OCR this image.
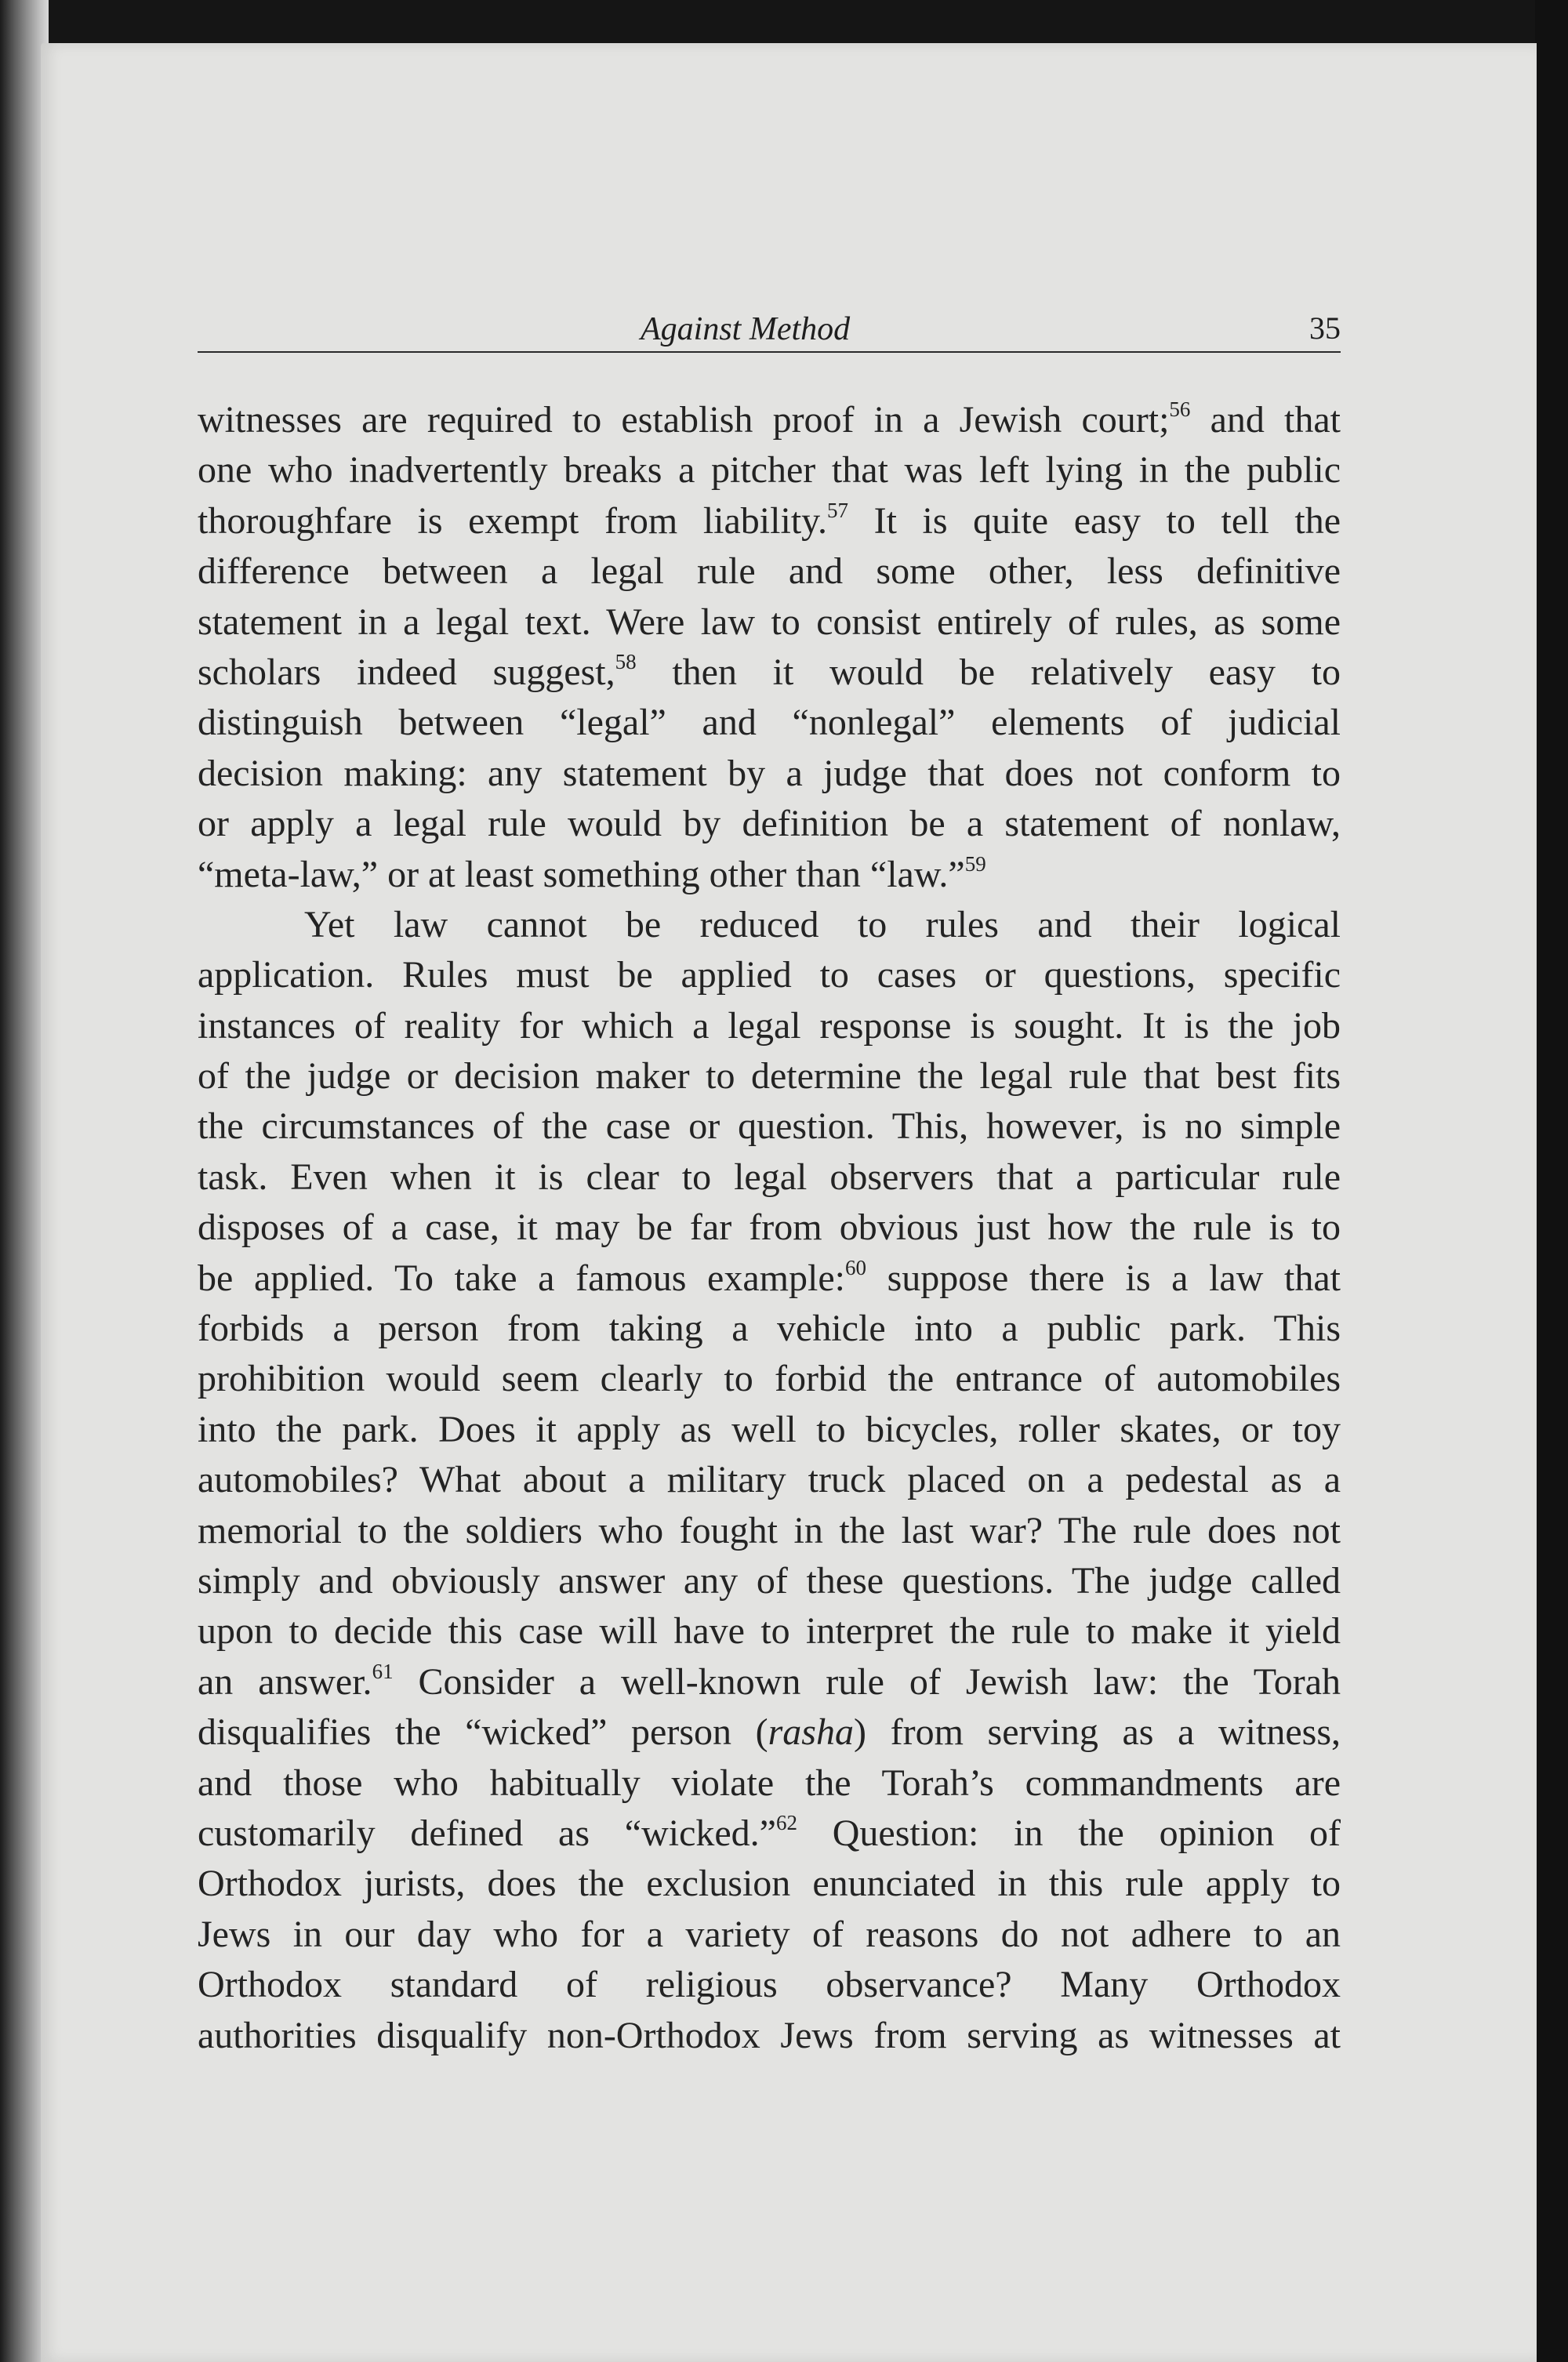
Against Method	35
witnesses are required to establish proof in a Jewish court;$^{56}$ and that
one who inadvertently breaks a pitcher that was left lying in the public
thoroughfare is exempt from liability.$^{57}$ It is quite easy to tell the
difference between a legal rule and some other, less definitive
statement in a legal text. Were law to consist entirely of rules, as some
scholars indeed suggest,$^{58}$ then it would be relatively easy to
distinguish between “legal” and “nonlegal” elements of judicial
decision making: any statement by a judge that does not conform to
or apply a legal rule would by definition be a statement of nonlaw,
“meta-law,” or at least something other than “law.”$^{59}$
Yet law cannot be reduced to rules and their logical
application. Rules must be applied to cases or questions, specific
instances of reality for which a legal response is sought. It is the job
of the judge or decision maker to determine the legal rule that best fits
the circumstances of the case or question. This, however, is no simple
task. Even when it is clear to legal observers that a particular rule
disposes of a case, it may be far from obvious just how the rule is to
be applied. To take a famous example:$^{60}$ suppose there is a law that
forbids a person from taking a vehicle into a public park. This
prohibition would seem clearly to forbid the entrance of automobiles
into the park. Does it apply as well to bicycles, roller skates, or toy
automobiles? What about a military truck placed on a pedestal as a
memorial to the soldiers who fought in the last war? The rule does not
simply and obviously answer any of these questions. The judge called
upon to decide this case will have to interpret the rule to make it yield
an answer.$^{61}$ Consider a well-known rule of Jewish law: the Torah
disqualifies the “wicked” person (rasha) from serving as a witness,
and those who habitually violate the Torah’s commandments are
customarily defined as “wicked.”$^{62}$ Question: in the opinion of
Orthodox jurists, does the exclusion enunciated in this rule apply to
Jews in our day who for a variety of reasons do not adhere to an
Orthodox standard of religious observance? Many Orthodox
authorities disqualify non-Orthodox Jews from serving as witnesses at
